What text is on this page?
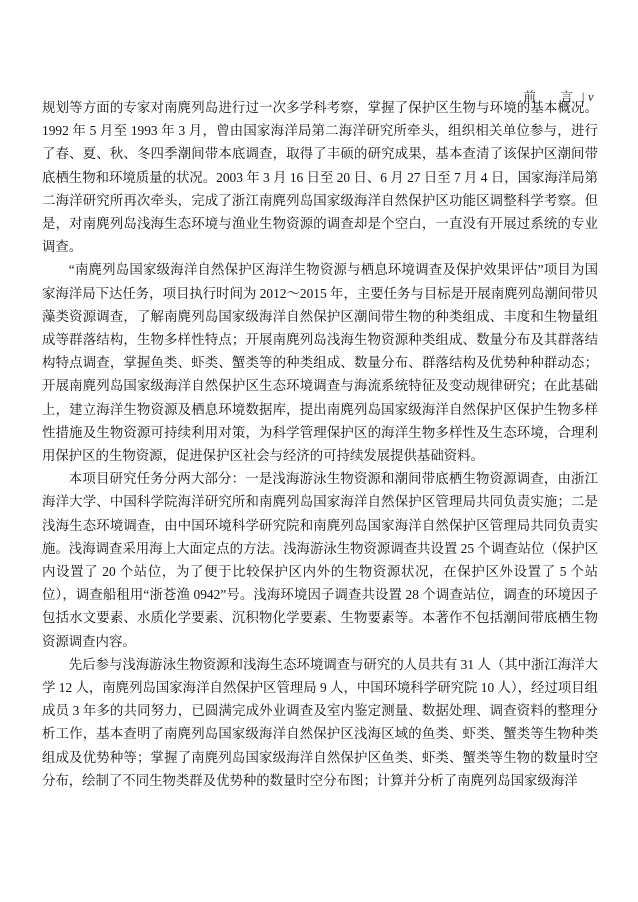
前　言 | v

规划等方面的专家对南麂列岛进行过一次多学科考察，掌握了保护区生物与环境的基本概况。1992 年 5 月至 1993 年 3 月，曾由国家海洋局第二海洋研究所牵头，组织相关单位参与，进行了春、夏、秋、冬四季潮间带本底调查，取得了丰硕的研究成果，基本查清了该保护区潮间带底栖生物和环境质量的状况。2003 年 3 月 16 日至 20 日、6 月 27 日至 7 月 4 日，国家海洋局第二海洋研究所再次牵头，完成了浙江南麂列岛国家级海洋自然保护区功能区调整科学考察。但是，对南麂列岛浅海生态环境与渔业生物资源的调查却是个空白，一直没有开展过系统的专业调查。

“南麂列岛国家级海洋自然保护区海洋生物资源与栖息环境调查及保护效果评估”项目为国家海洋局下达任务，项目执行时间为 2012～2015 年，主要任务与目标是开展南麂列岛潮间带贝藻类资源调查，了解南麂列岛国家级海洋自然保护区潮间带生物的种类组成、丰度和生物量组成等群落结构，生物多样性特点；开展南麂列岛浅海生物资源种类组成、数量分布及其群落结构特点调查，掌握鱼类、虾类、蟹类等的种类组成、数量分布、群落结构及优势种种群动态；开展南麂列岛国家级海洋自然保护区生态环境调查与海流系统特征及变动规律研究；在此基础上，建立海洋生物资源及栖息环境数据库，提出南麂列岛国家级海洋自然保护区保护生物多样性措施及生物资源可持续利用对策，为科学管理保护区的海洋生物多样性及生态环境，合理利用保护区的生物资源，促进保护区社会与经济的可持续发展提供基础资料。

本项目研究任务分两大部分：一是浅海游泳生物资源和潮间带底栖生物资源调查，由浙江海洋大学、中国科学院海洋研究所和南麂列岛国家海洋自然保护区管理局共同负责实施；二是浅海生态环境调查，由中国环境科学研究院和南麂列岛国家海洋自然保护区管理局共同负责实施。浅海调查采用海上大面定点的方法。浅海游泳生物资源调查共设置 25 个调查站位（保护区内设置了 20 个站位，为了便于比较保护区内外的生物资源状况，在保护区外设置了 5 个站位），调查船租用“浙苍渔 0942”号。浅海环境因子调查共设置 28 个调查站位，调查的环境因子包括水文要素、水质化学要素、沉积物化学要素、生物要素等。本著作不包括潮间带底栖生物资源调查内容。

先后参与浅海游泳生物资源和浅海生态环境调查与研究的人员共有 31 人（其中浙江海洋大学 12 人，南麂列岛国家海洋自然保护区管理局 9 人，中国环境科学研究院 10 人），经过项目组成员 3 年多的共同努力，已圆满完成外业调查及室内鉴定测量、数据处理、调查资料的整理分析工作，基本查明了南麂列岛国家级海洋自然保护区浅海区域的鱼类、虾类、蟹类等生物种类组成及优势种等；掌握了南麂列岛国家级海洋自然保护区鱼类、虾类、蟹类等生物的数量时空分布，绘制了不同生物类群及优势种的数量时空分布图；计算并分析了南麂列岛国家级海洋
